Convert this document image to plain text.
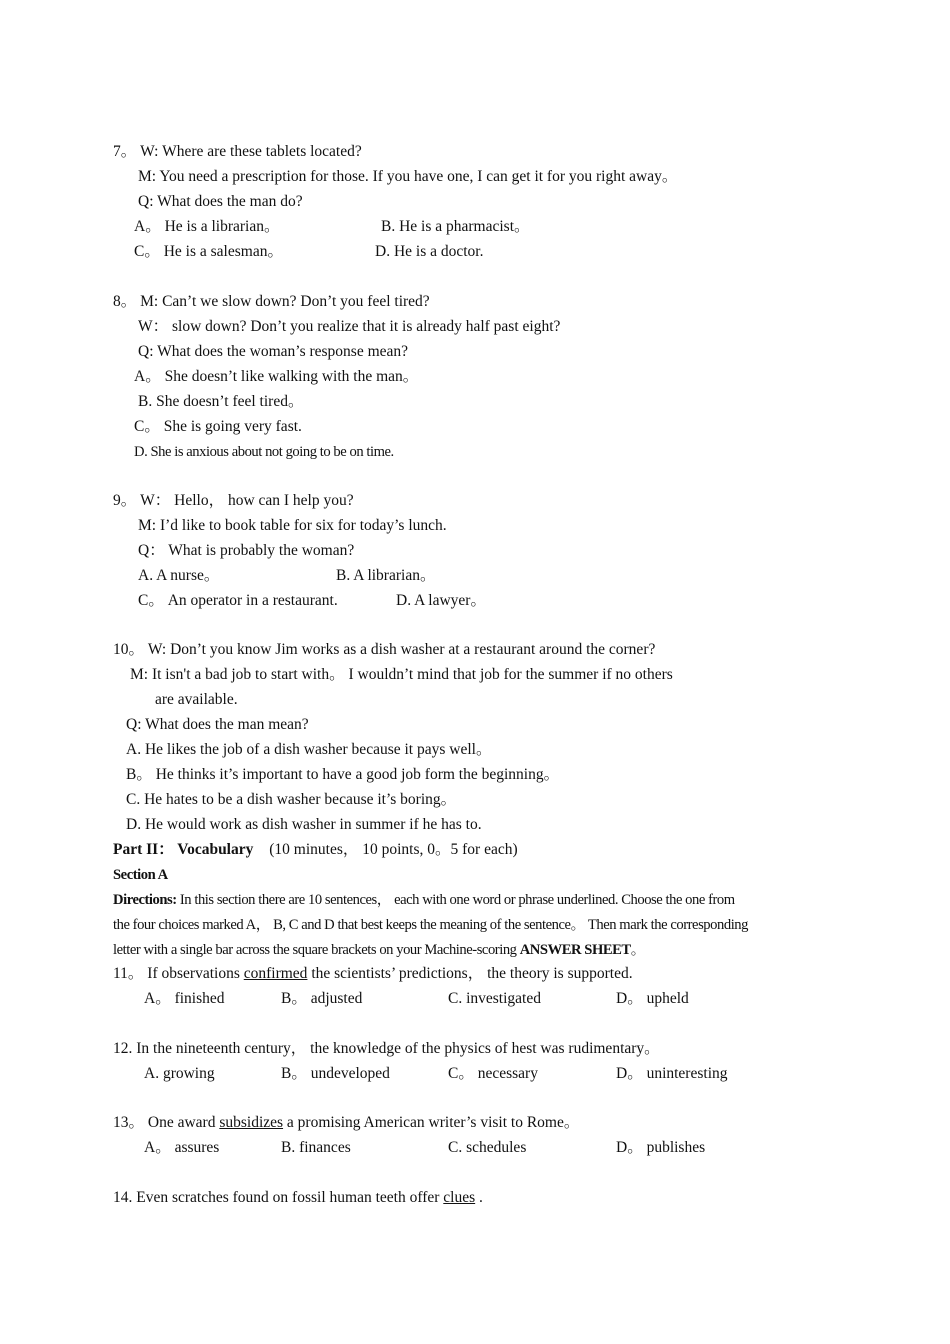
7。 W: Where are these tablets located?
M: You need a prescription for those. If you have one, I can get it for you right away。
Q: What does the man do?
A。 He is a librarian。	B. He is a pharmacist。
C。 He is a salesman。	D. He is a doctor.
8。 M: Can’t we slow down? Don’t you feel tired?
W： slow down? Don’t you realize that it is already half past eight?
Q: What does the woman’s response mean?
A。 She doesn’t like walking with the man。
B. She doesn’t feel tired。
C。 She is going very fast.
D. She is anxious about not going to be on time.
9。 W： Hello， how can I help you?
M: I’d like to book table for six for today’s lunch.
Q： What is probably the woman?
A. A nurse。	B. A librarian。
C。 An operator in a restaurant.	D. A lawyer。
10。 W: Don’t you know Jim works as a dish washer at a restaurant around the corner?
M: It isn't a bad job to start with。 I wouldn’t mind that job for the summer if no others
are available.
Q: What does the man mean?
A. He likes the job of a dish washer because it pays well。
B。 He thinks it’s important to have a good job form the beginning。
C. He hates to be a dish washer because it’s boring。
D. He would work as dish washer in summer if he has to.
Part II： Vocabulary (10 minutes， 10 points, 0。5 for each)
Section A
Directions: In this section there are 10 sentences， each with one word or phrase underlined. Choose the one from
the four choices marked A， B, C and D that best keeps the meaning of the sentence。 Then mark the corresponding
letter with a single bar across the square brackets on your Machine-scoring ANSWER SHEET。
11。 If observations confirmed the scientists’ predictions， the theory is supported.
A。 finished	B。 adjusted	C. investigated	D。 upheld
12. In the nineteenth century， the knowledge of the physics of hest was rudimentary。
A. growing	B。 undeveloped	C。 necessary	D。 uninteresting
13。 One award subsidizes a promising American writer’s visit to Rome。
A。 assures	B. finances	C. schedules	D。 publishes
14. Even scratches found on fossil human teeth offer clues .
